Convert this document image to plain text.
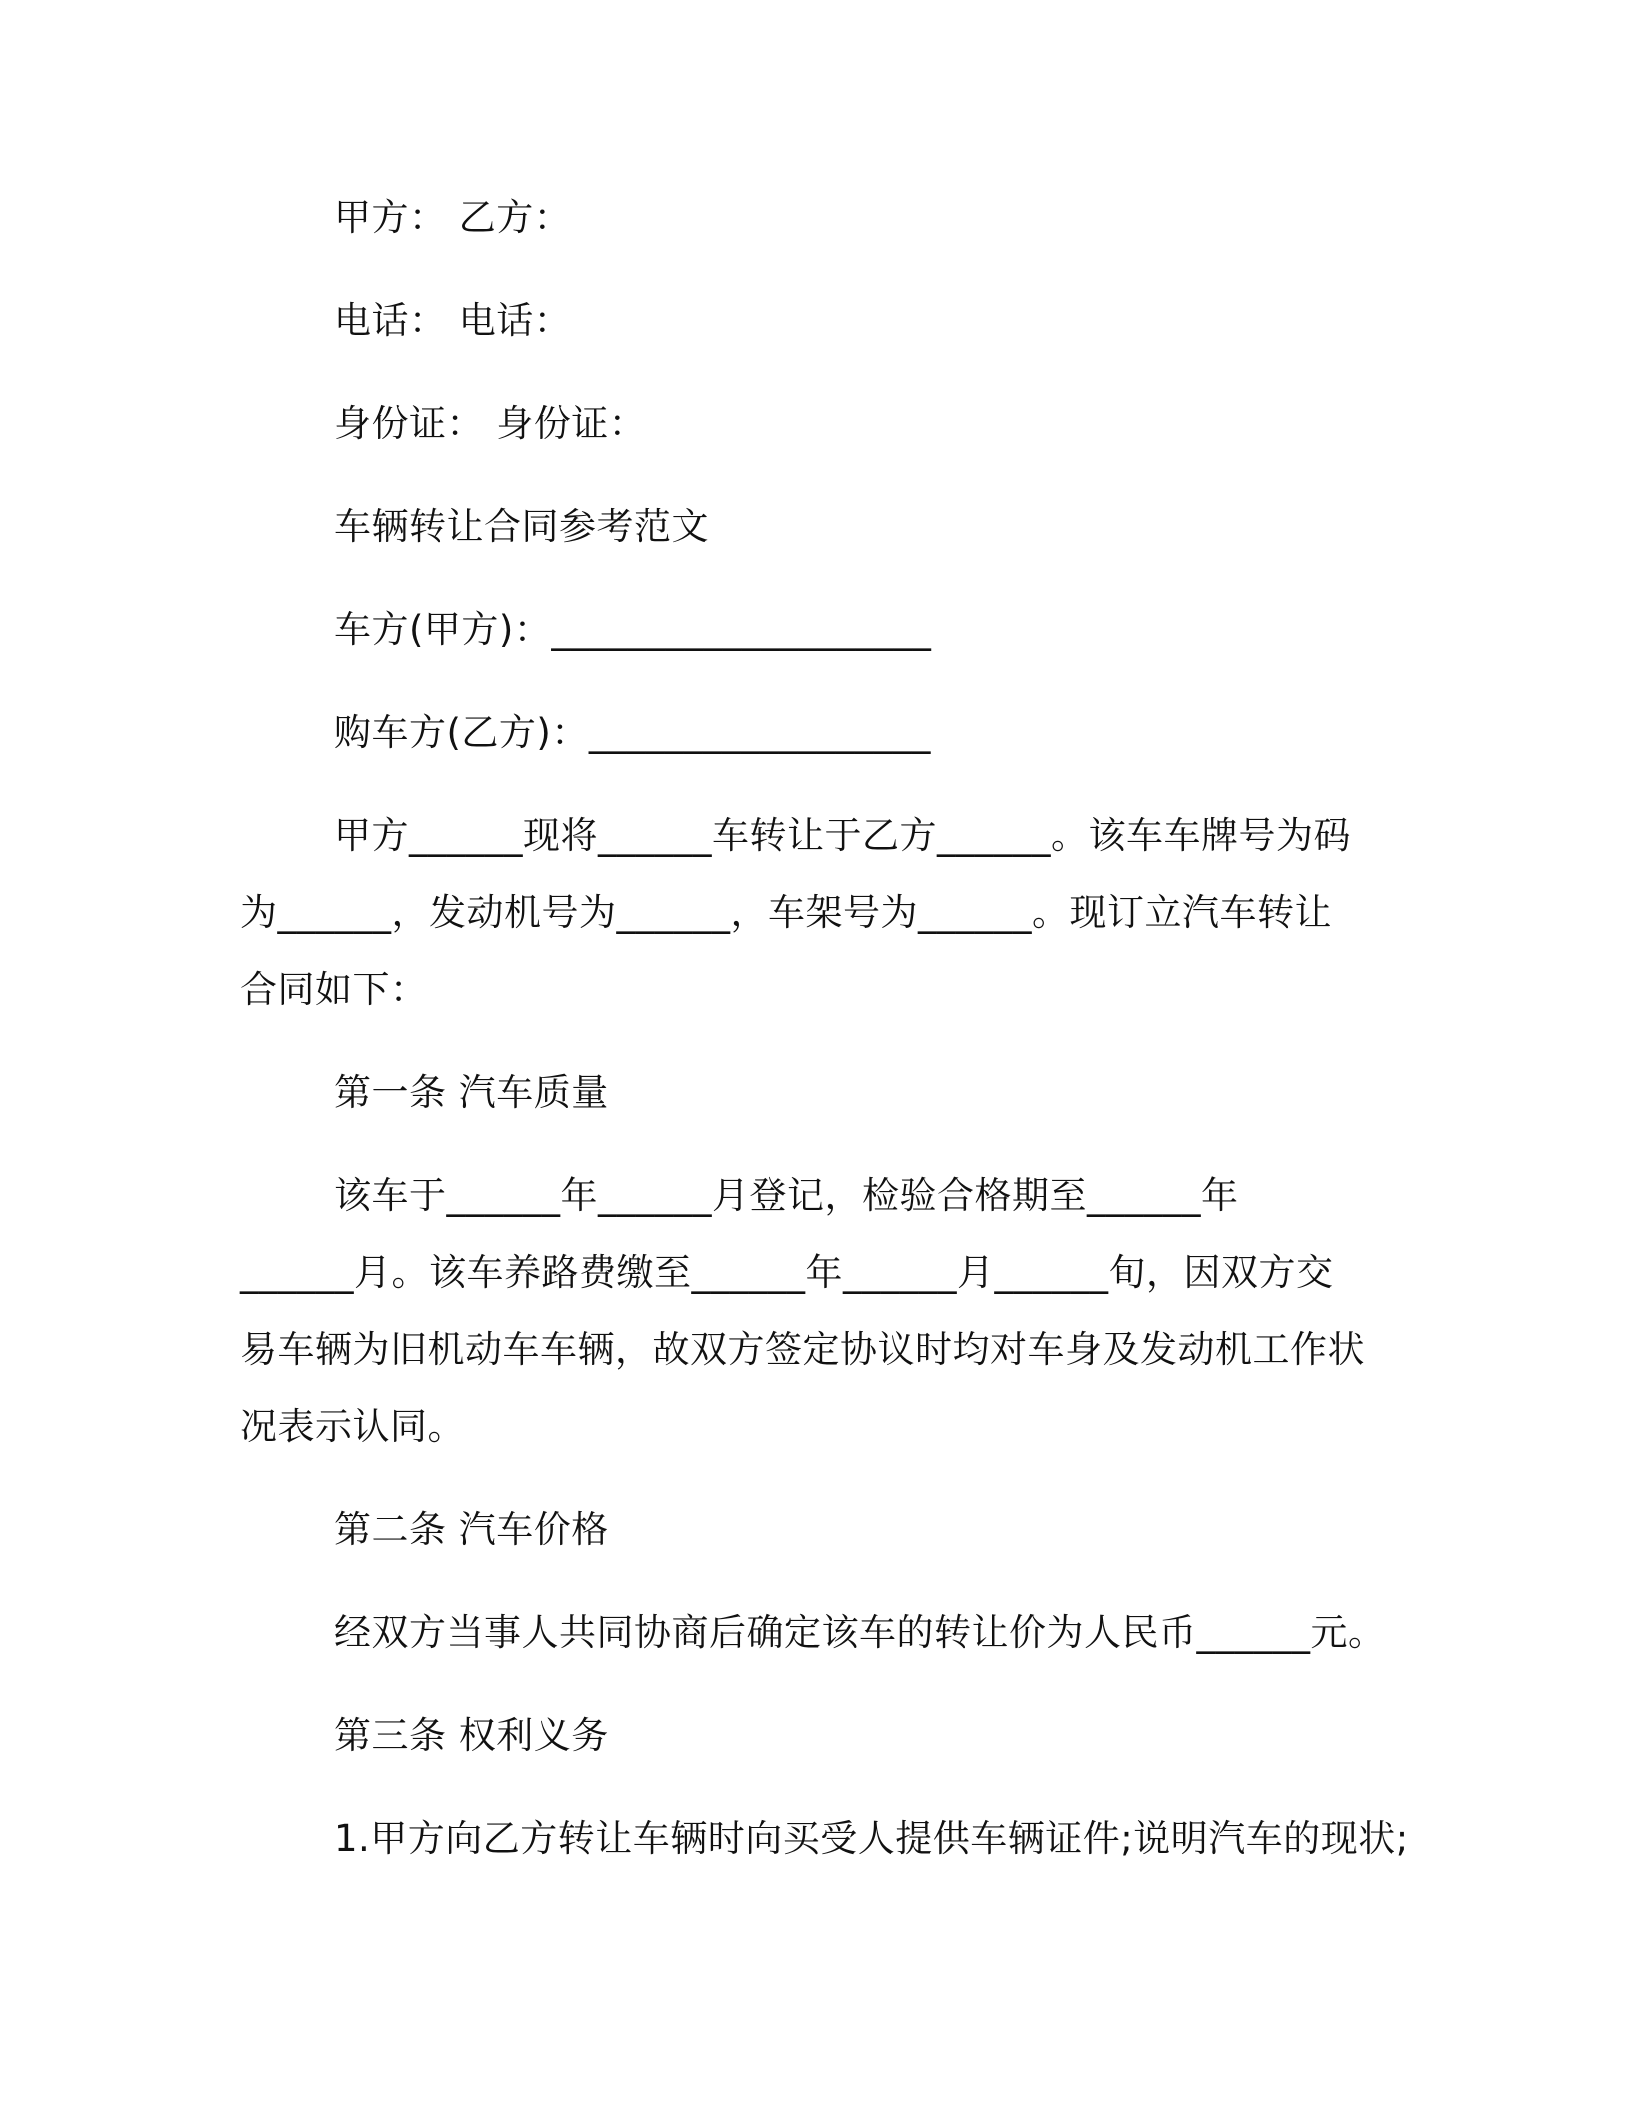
甲方： 乙方：
电话： 电话：
身份证： 身份证：
车辆转让合同参考范文
车方(甲方)：____________________
购车方(乙方)：__________________
甲方______现将______车转让于乙方______。该车车牌号为码
为______，发动机号为______，车架号为______。现订立汽车转让
合同如下：
第一条 汽车质量
该车于______年______月登记，检验合格期至______年
______月。该车养路费缴至______年______月______旬，因双方交
易车辆为旧机动车车辆，故双方签定协议时均对车身及发动机工作状
况表示认同。
第二条 汽车价格
经双方当事人共同协商后确定该车的转让价为人民币______元。
第三条 权利义务
1.甲方向乙方转让车辆时向买受人提供车辆证件;说明汽车的现状;
